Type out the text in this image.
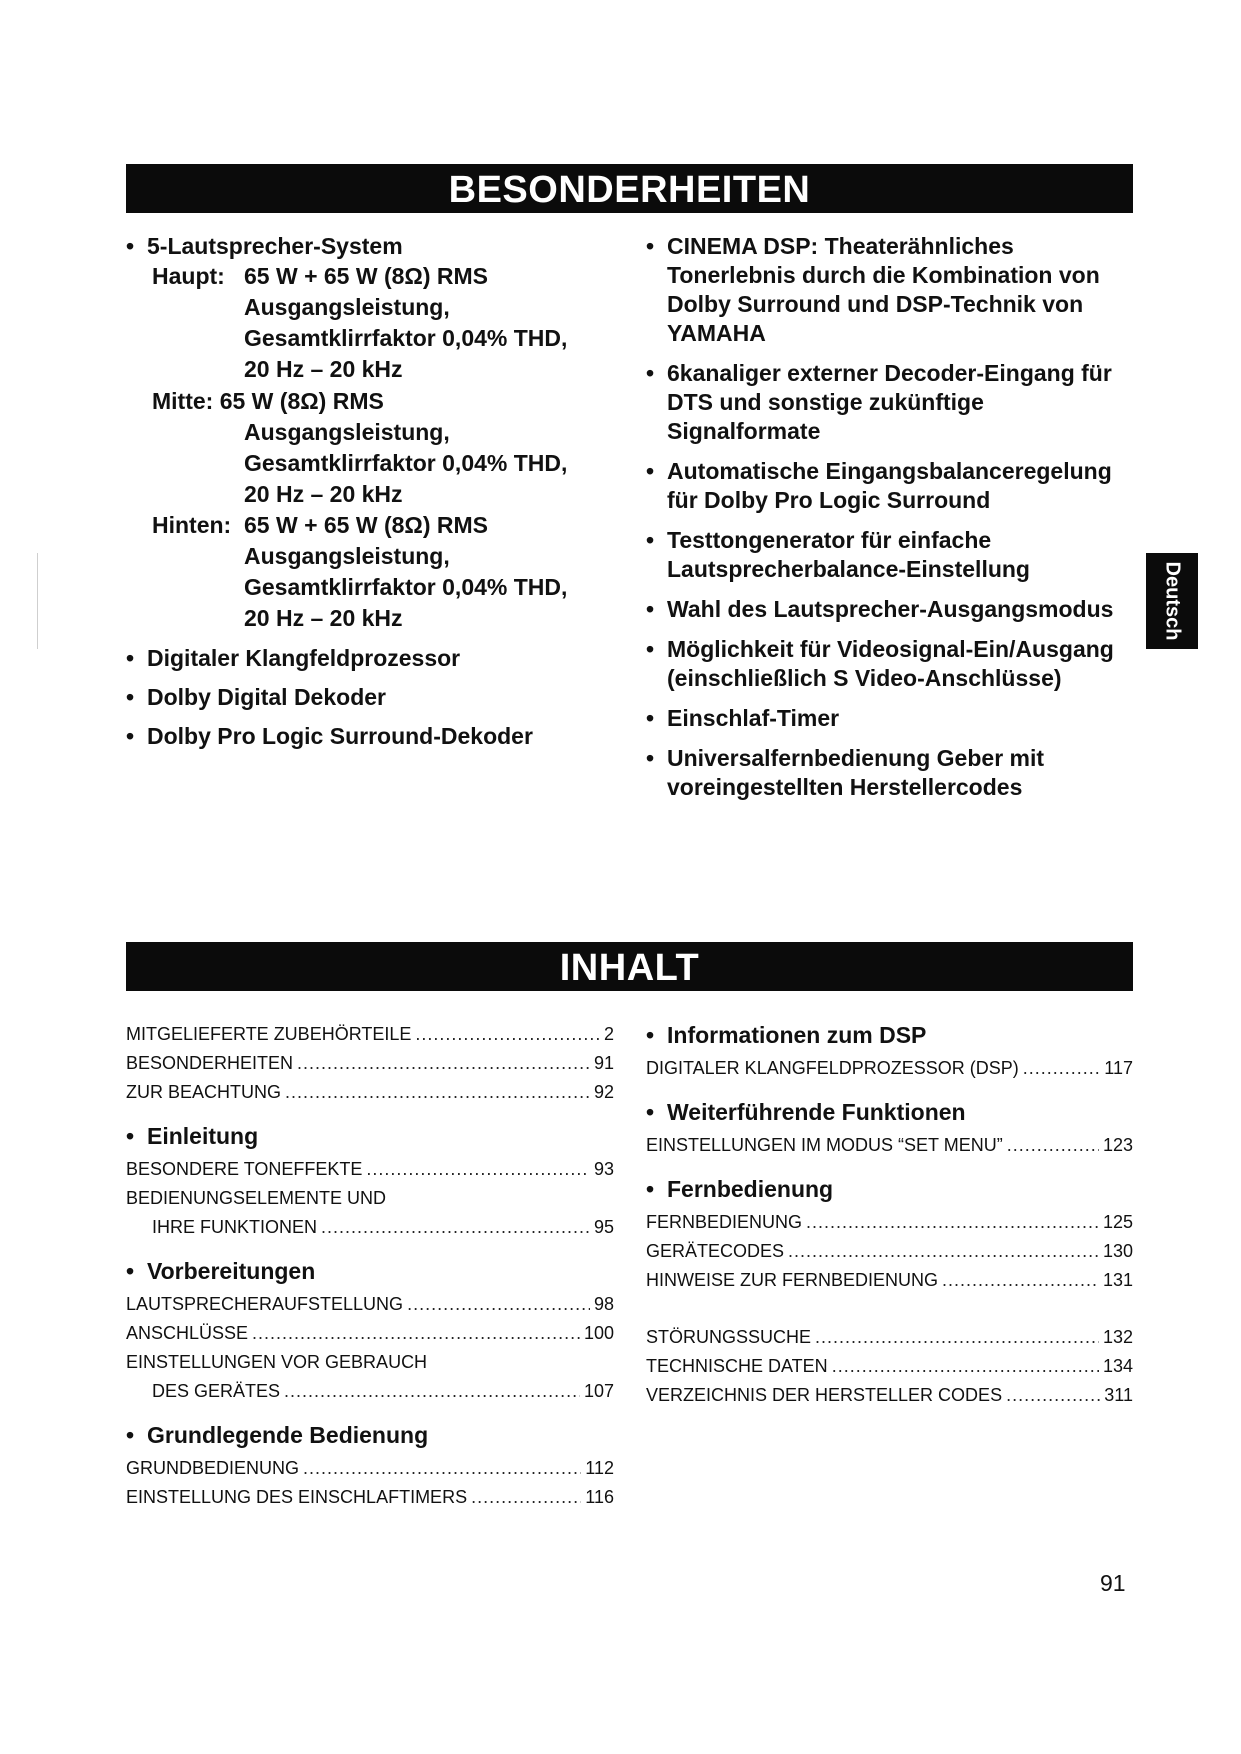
BESONDERHEITEN

• 5-Lautsprecher-System

Haupt: 65 W + 65 W (8Ω) RMS
Ausgangsleistung,
Gesamtklirrfaktor 0,04% THD,
20 Hz – 20 kHz
Mitte: 65 W (8Ω) RMS
Ausgangsleistung,
Gesamtklirrfaktor 0,04% THD,
20 Hz – 20 kHz
Hinten: 65 W + 65 W (8Ω) RMS
Ausgangsleistung,
Gesamtklirrfaktor 0,04% THD,
20 Hz – 20 kHz

• Digitaler Klangfeldprozessor

• Dolby Digital Dekoder

• Dolby Pro Logic Surround-Dekoder

• CINEMA DSP: Theaterähnliches Tonerlebnis durch die Kombination von Dolby Surround und DSP-Technik von YAMAHA

• 6kanaliger externer Decoder-Eingang für DTS und sonstige zukünftige Signalformate

• Automatische Eingangsbalanceregelung für Dolby Pro Logic Surround

• Testtongenerator für einfache Lautsprecherbalance-Einstellung

• Wahl des Lautsprecher-Ausgangsmodus

• Möglichkeit für Videosignal-Ein/Ausgang (einschließlich S Video-Anschlüsse)

• Einschlaf-Timer

• Universalfernbedienung Geber mit voreingestellten Herstellercodes

INHALT
MITGELIEFERTE ZUBEHÖRTEILE .....	2
BESONDERHEITEN .....	91
ZUR BEACHTUNG .....	92
• Einleitung
BESONDERE TONEFFEKTE .....	93
BEDIENUNGSELEMENTE UND
IHRE FUNKTIONEN .....	95
• Vorbereitungen
LAUTSPRECHERAUFSTELLUNG .....	98
ANSCHLÜSSE .....	100
EINSTELLUNGEN VOR GEBRAUCH
DES GERÄTES .....	107
• Grundlegende Bedienung
GRUNDBEDIENUNG .....	112
EINSTELLUNG DES EINSCHLAFTIMERS .....	116
• Informationen zum DSP
DIGITALER KLANGFELDPROZESSOR (DSP) .....	117
• Weiterführende Funktionen
EINSTELLUNGEN IM MODUS “SET MENU” .....	123
• Fernbedienung
FERNBEDIENUNG .....	125
GERÄTECODES .....	130
HINWEISE ZUR FERNBEDIENUNG .....	131
STÖRUNGSSUCHE .....	132
TECHNISCHE DATEN .....	134
VERZEICHNIS DER HERSTELLER CODES .....	311
Deutsch
91
